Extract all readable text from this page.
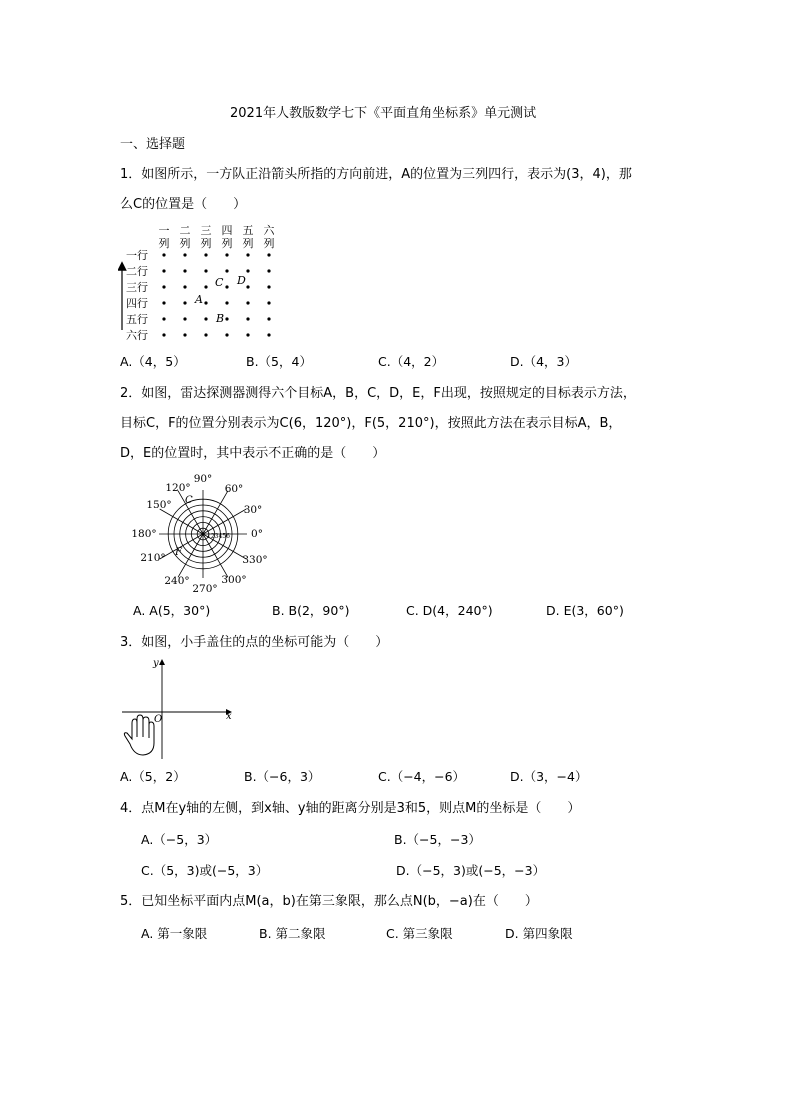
2021年人教版数学七下《平面直角坐标系》单元测试
一、选择题
1．如图所示，一方队正沿箭头所指的方向前进，A的位置为三列四行，表示为(3，4)，那
么C的位置是（　　）
一
列
二
列
三
列
四
列
五
列
六
列
一行
二行
三行
四行
五行
六行
A
B
C D
A.（4，5）	B.（5，4）	C.（4，2）	D.（4，3）
2．如图，雷达探测器测得六个目标A，B，C，D，E，F出现，按照规定的目标表示方法，
目标C，F的位置分别表示为C(6，120°)，F(5，210°)，按照此方法在表示目标A，B，
D，E的位置时，其中表示不正确的是（　　）
0°
30°
60°
90°
120°
150°
180°
210°
240°
270°
300°
330°
C
F
123456
A. A(5，30°)	B. B(2，90°)	C. D(4，240°)	D. E(3，60°)
3．如图，小手盖住的点的坐标可能为（　　）
y
x
O
A.（5，2）	B.（−6，3）	C.（−4，−6）	D.（3，−4）
4．点M在y轴的左侧，到x轴、y轴的距离分别是3和5，则点M的坐标是（　　）
A.（−5，3）	B.（−5，−3）
C.（5，3)或(−5，3）	D.（−5，3)或(−5，−3）
5．已知坐标平面内点M(a，b)在第三象限，那么点N(b，−a)在（　　）
A. 第一象限	B. 第二象限	C. 第三象限	D. 第四象限
